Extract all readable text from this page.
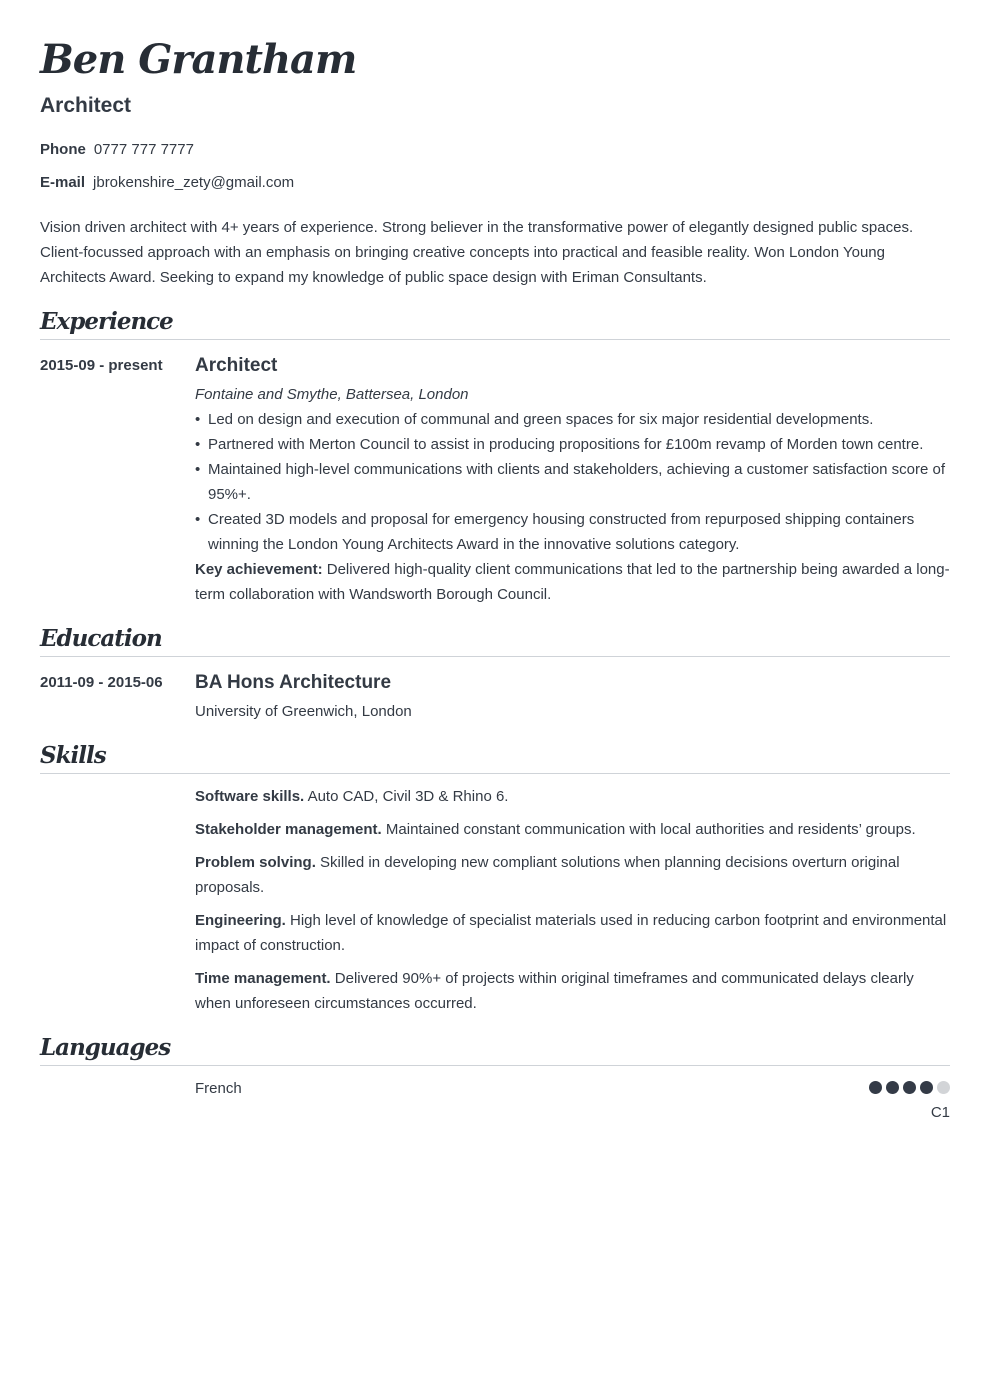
Ben Grantham
Architect
Phone 0777 777 7777
E-mail jbrokenshire_zety@gmail.com

Vision driven architect with 4+ years of experience. Strong believer in the transformative power of elegantly designed public spaces. Client-focussed approach with an emphasis on bringing creative concepts into practical and feasible reality. Won London Young Architects Award. Seeking to expand my knowledge of public space design with Eriman Consultants.

Experience
2015-09 - present Architect

Fontaine and Smythe, Battersea, London

• Led on design and execution of communal and green spaces for six major residential developments.
• Partnered with Merton Council to assist in producing propositions for £100m revamp of Morden town centre.
• Maintained high-level communications with clients and stakeholders, achieving a customer satisfaction score of 95%+.
• Created 3D models and proposal for emergency housing constructed from repurposed shipping containers winning the London Young Architects Award in the innovative solutions category.
Key achievement: Delivered high-quality client communications that led to the partnership being awarded a long-term collaboration with Wandsworth Borough Council.
Education
2011-09 - 2015-06 BA Hons Architecture

University of Greenwich, London

Skills

Software skills. Auto CAD, Civil 3D & Rhino 6.

Stakeholder management. Maintained constant communication with local authorities and residents’ groups.

Problem solving. Skilled in developing new compliant solutions when planning decisions overturn original proposals.

Engineering. High level of knowledge of specialist materials used in reducing carbon footprint and environmental impact of construction.

Time management. Delivered 90%+ of projects within original timeframes and communicated delays clearly when unforeseen circumstances occurred.

Languages
French
C1
